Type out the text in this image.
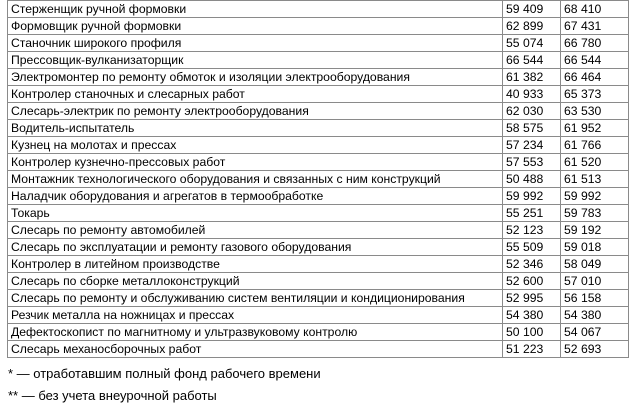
Стерженщик ручной формовки	59 409	68 410
Формовщик ручной формовки	62 899	67 431
Станочник широкого профиля	55 074	66 780
Прессовщик-вулканизаторщик	66 544	66 544
Электромонтер по ремонту обмоток и изоляции электрооборудования	61 382	66 464
Контролер станочных и слесарных работ	40 933	65 373
Слесарь-электрик по ремонту электрооборудования	62 030	63 530
Водитель-испытатель	58 575	61 952
Кузнец на молотах и прессах	57 234	61 766
Контролер кузнечно-прессовых работ	57 553	61 520
Монтажник технологического оборудования и связанных с ним конструкций	50 488	61 513
Наладчик оборудования и агрегатов в термообработке	59 992	59 992
Токарь	55 251	59 783
Слесарь по ремонту автомобилей	52 123	59 192
Слесарь по эксплуатации и ремонту газового оборудования	55 509	59 018
Контролер в литейном производстве	52 346	58 049
Слесарь по сборке металлоконструкций	52 600	57 010
Слесарь по ремонту и обслуживанию систем вентиляции и кондиционирования	52 995	56 158
Резчик металла на ножницах и прессах	54 380	54 380
Дефектоскопист по магнитному и ультразвуковому контролю	50 100	54 067
Слесарь механосборочных работ	51 223	52 693
* — отработавшим полный фонд рабочего времени
** — без учета внеурочной работы
